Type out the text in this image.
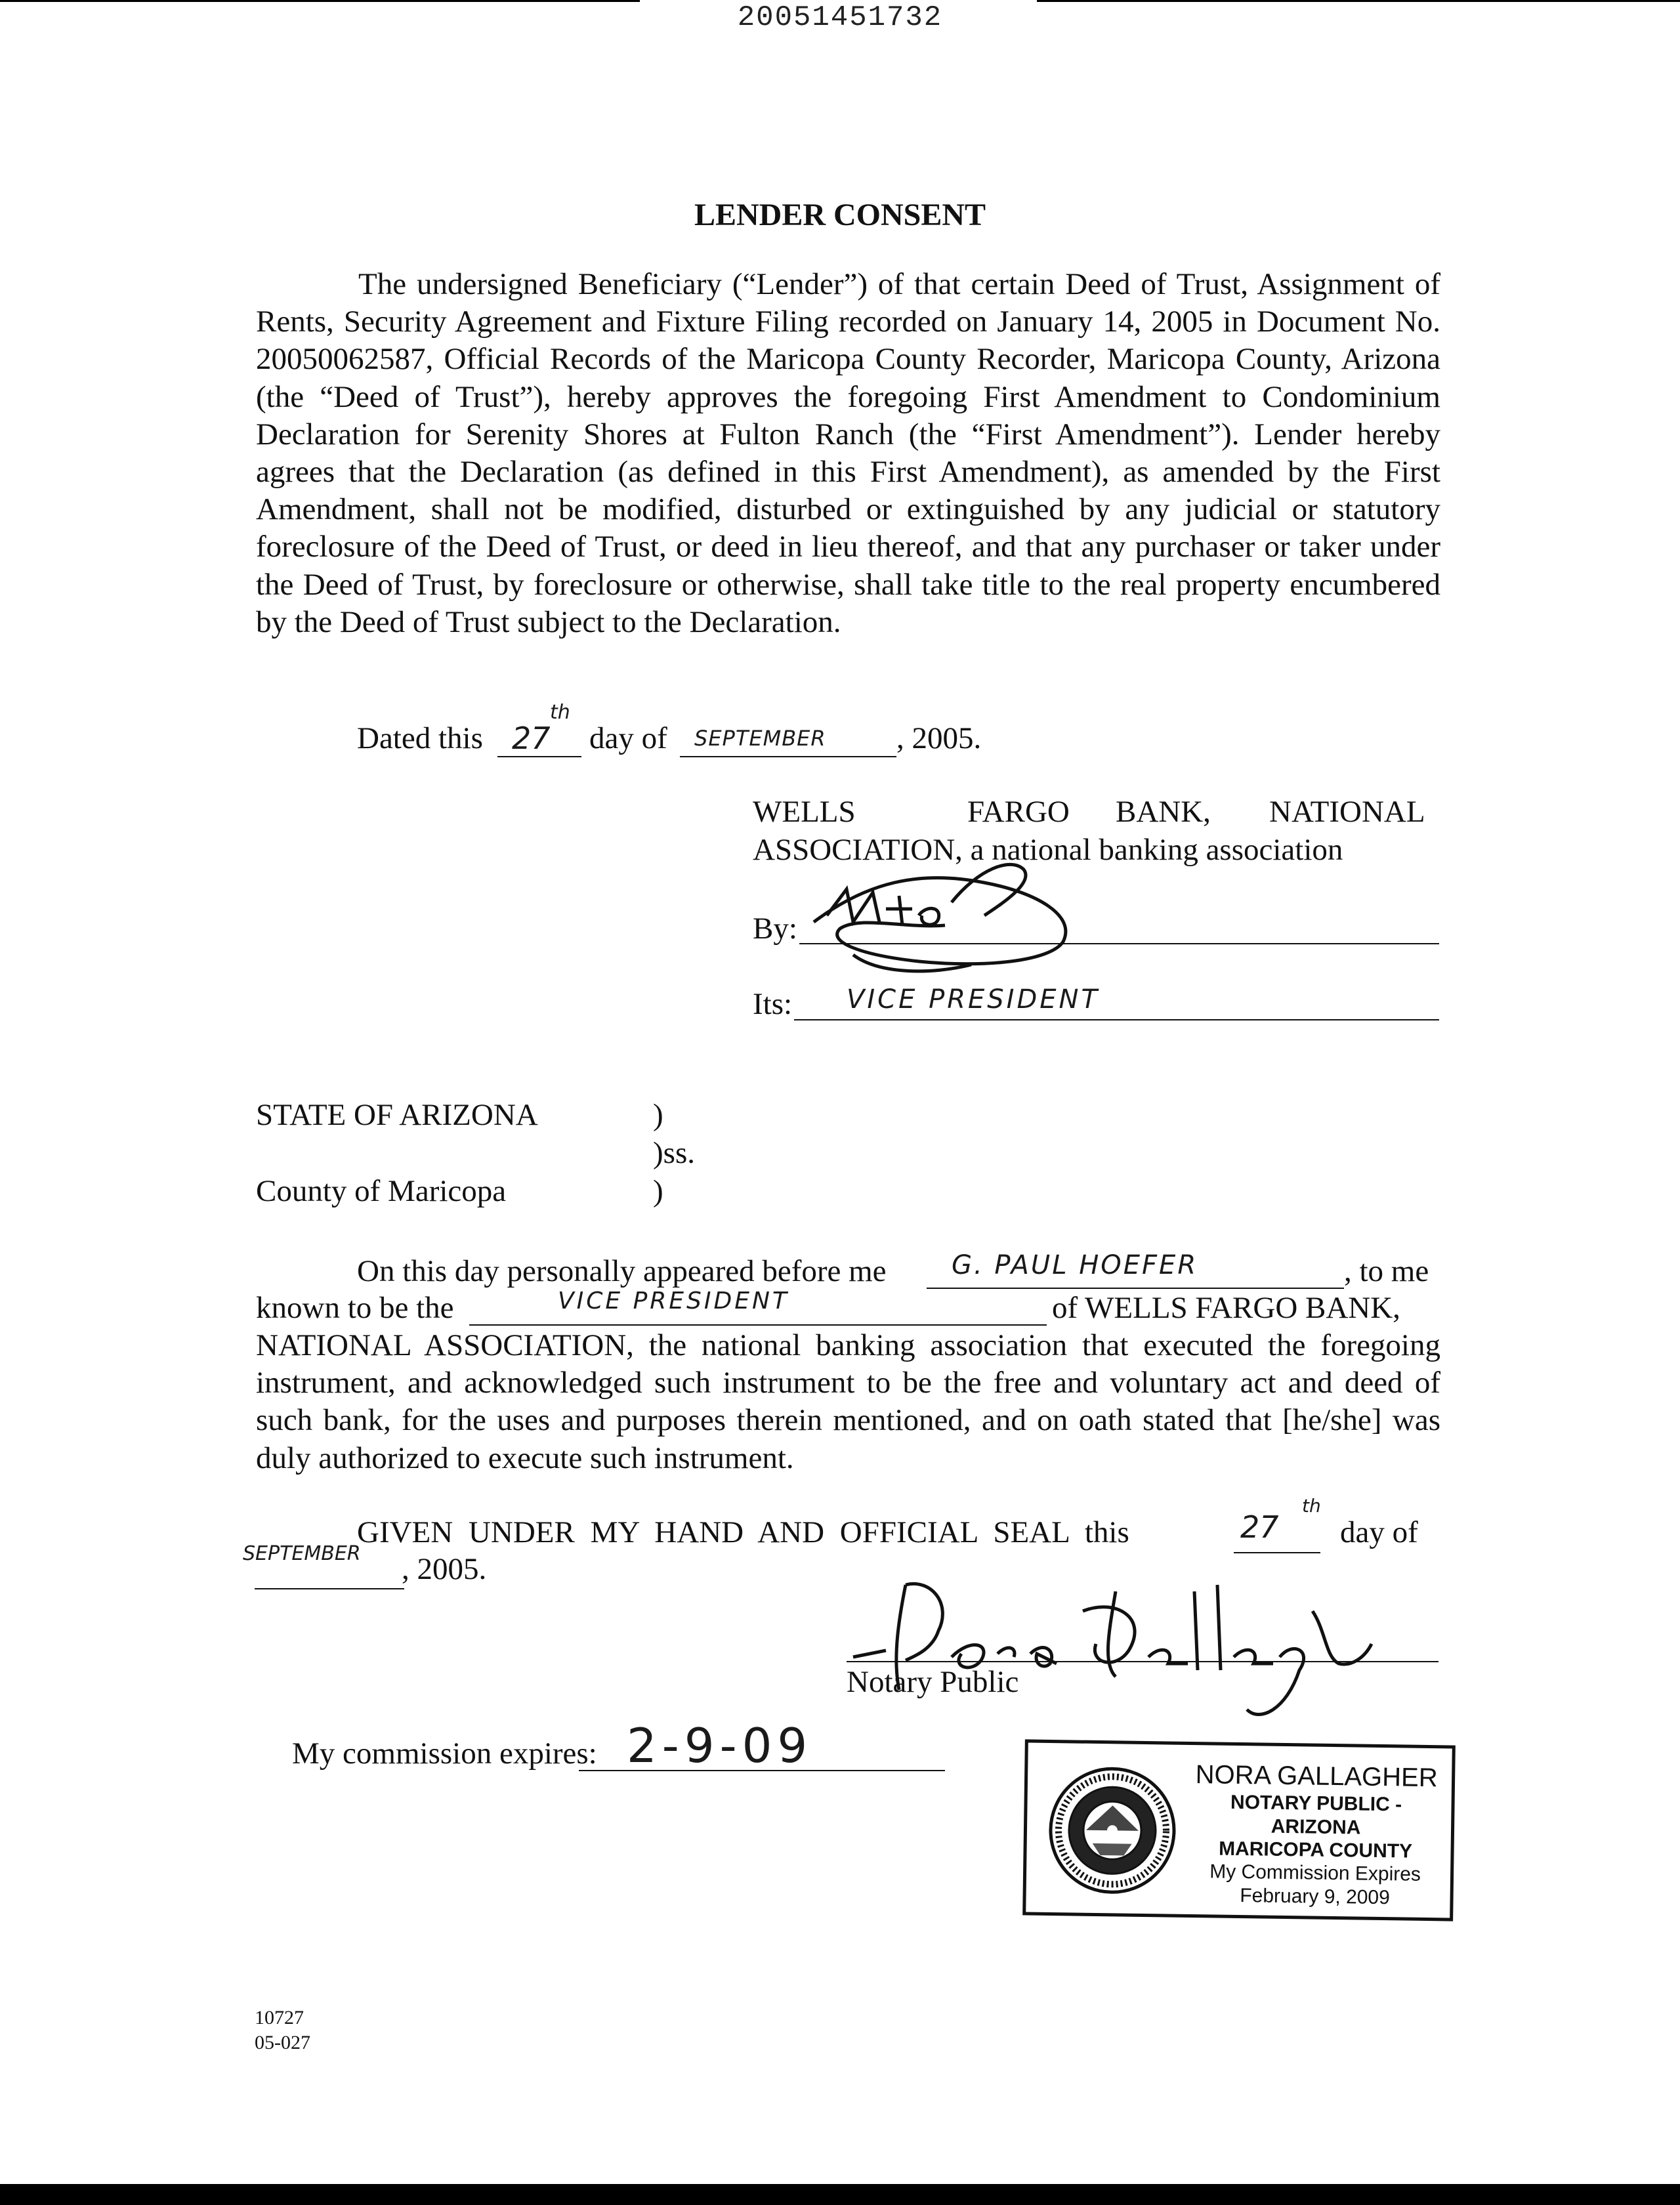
20051451732
LENDER CONSENT

The undersigned Beneficiary (“Lender”) of that certain Deed of Trust, Assignment of Rents, Security Agreement and Fixture Filing recorded on January 14, 2005 in Document No. 20050062587, Official Records of the Maricopa County Recorder, Maricopa County, Arizona (the “Deed of Trust”), hereby approves the foregoing First Amendment to Condominium Declaration for Serenity Shores at Fulton Ranch (the “First Amendment”). Lender hereby agrees that the Declaration (as defined in this First Amendment), as amended by the First Amendment, shall not be modified, disturbed or extinguished by any judicial or statutory foreclosure of the Deed of Trust, or deed in lieu thereof, and that any purchaser or taker under the Deed of Trust, by foreclosure or otherwise, shall take title to the real property encumbered by the Deed of Trust subject to the Declaration.

Dated this 27
th
day of SEPTEMBER , 2005.
WELLS	FARGO BANK, NATIONAL
ASSOCIATION, a national banking association
By:
Its: VICE PRESIDENT
STATE OF ARIZONA	)
)ss.
County of Maricopa	)
On this day personally appeared before me G. PAUL HOEFER	, to me
known to be the	VICE PRESIDENT	of WELLS FARGO BANK,

NATIONAL ASSOCIATION, the national banking association that executed the foregoing instrument, and acknowledged such instrument to be the free and voluntary act and deed of such bank, for the uses and purposes therein mentioned, and on oath stated that [he/she] was duly authorized to execute such instrument.

GIVEN UNDER MY HAND AND OFFICIAL SEAL this	27
th
day of
SEPTEMBER , 2005.
Notary Public
My commission expires: 2-9-09
NORA GALLAGHER
NOTARY PUBLIC - ARIZONA
MARICOPA COUNTY
My Commission Expires
February 9, 2009
10727
05-027
